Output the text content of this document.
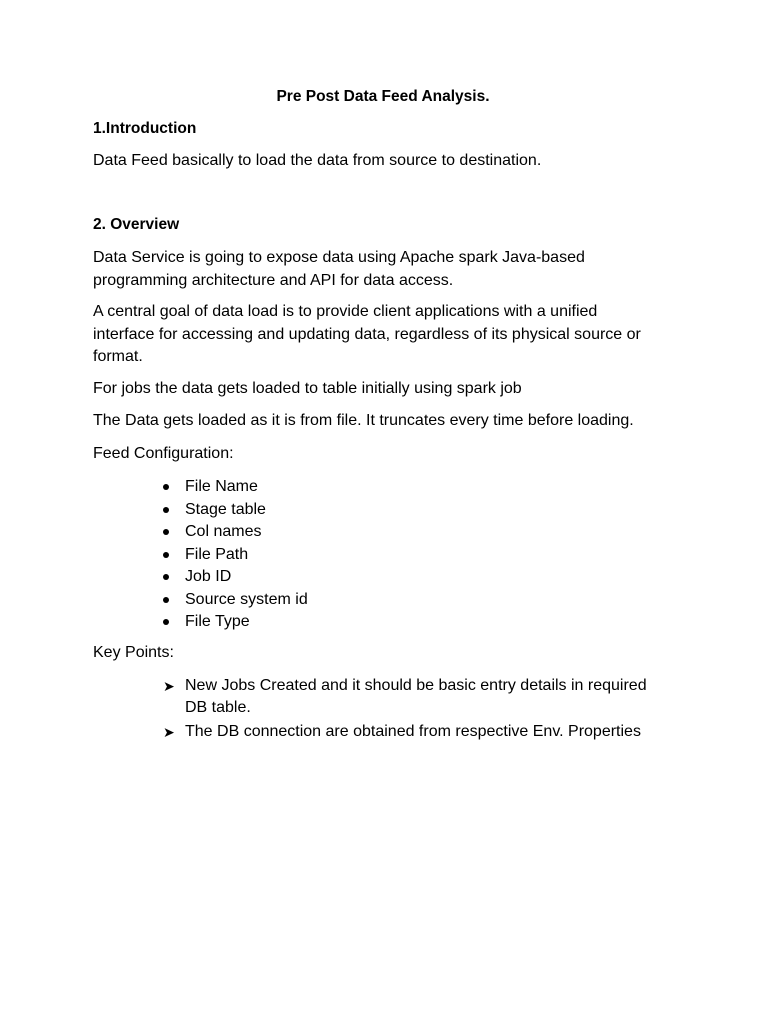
Pre Post Data Feed Analysis.

1.Introduction

Data Feed basically to load the data from source to destination.

2. Overview

Data Service is going to expose data using Apache spark Java-based programming architecture and API for data access.

A central goal of data load is to provide client applications with a unified interface for accessing and updating data, regardless of its physical source or format.

For jobs the data gets loaded to table initially using spark job

The Data gets loaded as it is from file. It truncates every time before loading.

Feed Configuration:

File Name
Stage table
Col names
File Path
Job ID
Source system id
File Type

Key Points:

➤ New Jobs Created and it should be basic entry details in required DB table.
➤ The DB connection are obtained from respective Env. Properties
